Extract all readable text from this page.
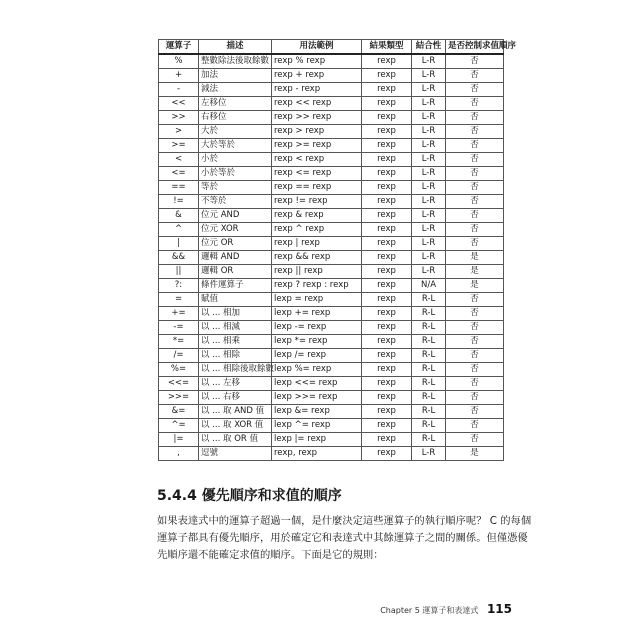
運算子	描述	用法範例	結果類型	結合性	是否控制求值順序
%	整數除法後取餘數	rexp % rexp	rexp	L-R	否
+	加法	rexp + rexp	rexp	L-R	否
-	減法	rexp - rexp	rexp	L-R	否
<<	左移位	rexp << rexp	rexp	L-R	否
>>	右移位	rexp >> rexp	rexp	L-R	否
>	大於	rexp > rexp	rexp	L-R	否
>=	大於等於	rexp >= rexp	rexp	L-R	否
<	小於	rexp < rexp	rexp	L-R	否
<=	小於等於	rexp <= rexp	rexp	L-R	否
==	等於	rexp == rexp	rexp	L-R	否
!=	不等於	rexp != rexp	rexp	L-R	否
&	位元 AND	rexp & rexp	rexp	L-R	否
^	位元 XOR	rexp ^ rexp	rexp	L-R	否
|	位元 OR	rexp | rexp	rexp	L-R	否
&&	邏輯 AND	rexp && rexp	rexp	L-R	是
||	邏輯 OR	rexp || rexp	rexp	L-R	是
?:	條件運算子	rexp ? rexp : rexp	rexp	N/A	是
=	賦值	lexp = rexp	rexp	R-L	否
+=	以 ... 相加	lexp += rexp	rexp	R-L	否
-=	以 ... 相減	lexp -= rexp	rexp	R-L	否
*=	以 ... 相乘	lexp *= rexp	rexp	R-L	否
/=	以 ... 相除	lexp /= rexp	rexp	R-L	否
%=	以 ... 相除後取餘數	lexp %= rexp	rexp	R-L	否
<<=	以 ... 左移	lexp <<= rexp	rexp	R-L	否
>>=	以 ... 右移	lexp >>= rexp	rexp	R-L	否
&=	以 ... 取 AND 值	lexp &= rexp	rexp	R-L	否
^=	以 ... 取 XOR 值	lexp ^= rexp	rexp	R-L	否
|=	以 ... 取 OR 值	lexp |= rexp	rexp	R-L	否
,	逗號	rexp, rexp	rexp	L-R	是
5.4.4 優先順序和求值的順序
如果表達式中的運算子超過一個，是什麼決定這些運算子的執行順序呢？ C 的每個
運算子都具有優先順序，用於確定它和表達式中其餘運算子之間的關係。但僅憑優
先順序還不能確定求值的順序。下面是它的規則：
Chapter 5 運算子和表達式 115
